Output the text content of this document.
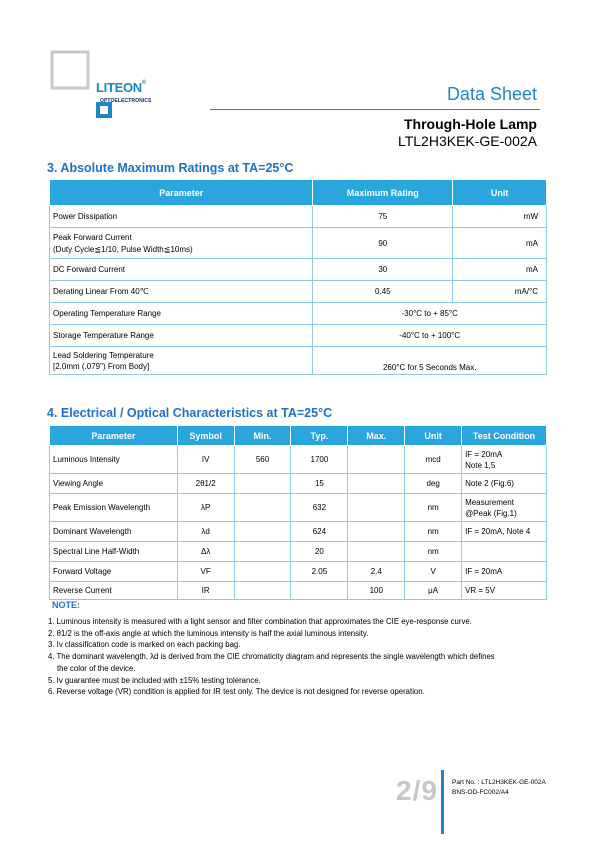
LITEON®
OPTOELECTRONICS	Data Sheet
Through-Hole Lamp
LTL2H3KEK-GE-002A
3. Absolute Maximum Ratings at TA=25°C
Parameter	Maximum Rating	Unit
Power Dissipation	75	mW

Peak Forward Current
(Duty Cycle≦1/10, Pulse Width≦10ms)	90	mA
DC Forward Current	30	mA
Derating Linear From 40℃	0.45	mA/°C
Operating Temperature Range	-30°C to + 85°C	
Storage Temperature Range	-40°C to + 100°C	

Lead Soldering Temperature
[2.0mm (.079") From Body]	260°C for 5 Seconds Max.	
4. Electrical / Optical Characteristics at TA=25°C
Parameter	Symbol	Min.	Typ.	Max.	Unit	Test Condition
Luminous Intensity	IV	560	1700		mcd	IF = 20mA
Note 1,5

Viewing Angle	2θ1/2		15		deg	Note 2 (Fig.6)

Peak Emission Wavelength	λP		632		nm	Measurement
@Peak (Fig.1)

Dominant Wavelength	λd		624		nm	IF = 20mA, Note 4

Spectral Line Half-Width	Δλ		20		nm	

Forward Voltage	VF		2.05	2.4	V	IF = 20mA

Reverse Current	IR			100	μA	VR = 5V
NOTE:
1. Luminous intensity is measured with a light sensor and filter combination that approximates the CIE eye-response curve.
2. θ1/2 is the off-axis angle at which the luminous intensity is half the axial luminous intensity.
3. Iv classification code is marked on each packing bag.
4. The dominant wavelength, λd is derived from the CIE chromaticity diagram and represents the single wavelength which defines
the color of the device.
5. Iv guarantee must be included with ±15% testing tolerance.
6. Reverse voltage (VR) condition is applied for IR test only. The device is not designed for reverse operation.
2/9 Part No. : LTL2H3KEK-GE-002A
BNS-OD-FC002/A4
